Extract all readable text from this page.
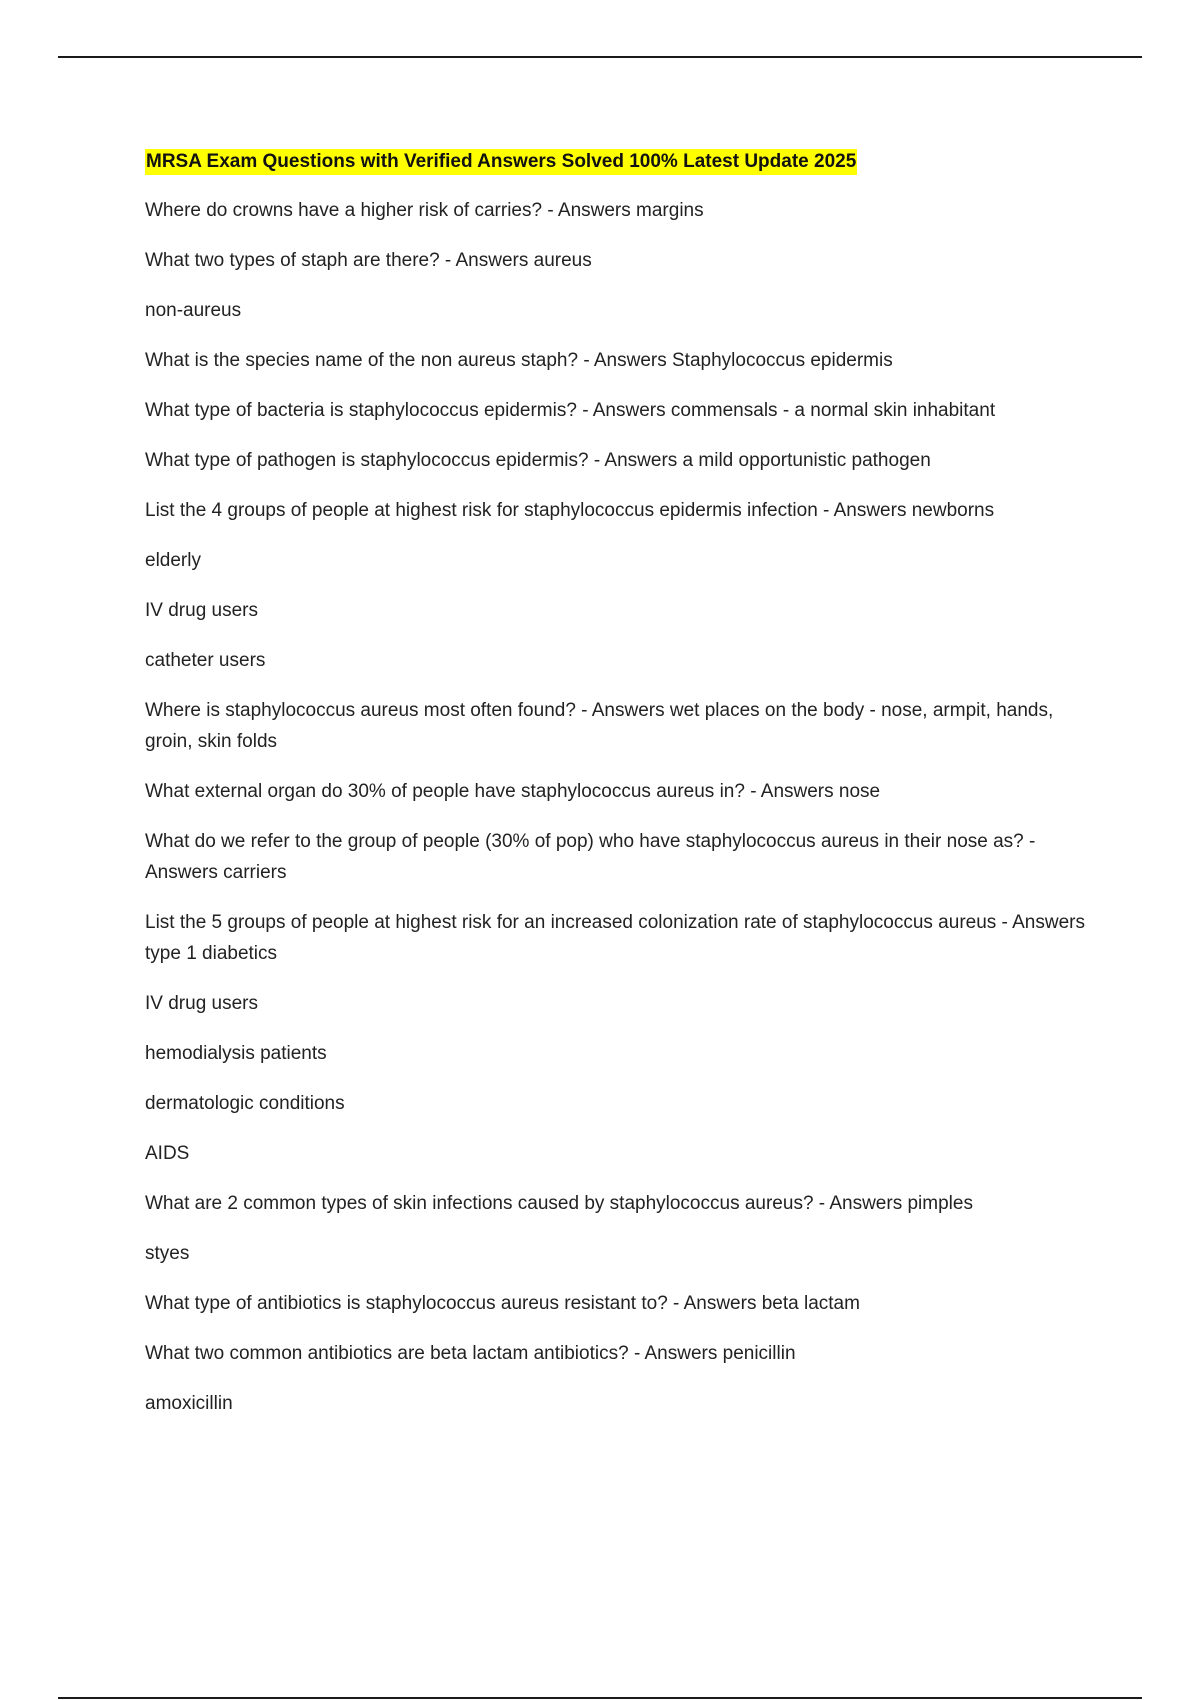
MRSA Exam Questions with Verified Answers Solved 100% Latest Update 2025

Where do crowns have a higher risk of carries? - Answers margins

What two types of staph are there? - Answers aureus

non-aureus

What is the species name of the non aureus staph? - Answers Staphylococcus epidermis

What type of bacteria is staphylococcus epidermis? - Answers commensals - a normal skin inhabitant

What type of pathogen is staphylococcus epidermis? - Answers a mild opportunistic pathogen

List the 4 groups of people at highest risk for staphylococcus epidermis infection - Answers newborns

elderly

IV drug users

catheter users

Where is staphylococcus aureus most often found? - Answers wet places on the body - nose, armpit, hands, groin, skin folds

What external organ do 30% of people have staphylococcus aureus in? - Answers nose

What do we refer to the group of people (30% of pop) who have staphylococcus aureus in their nose as? - Answers carriers

List the 5 groups of people at highest risk for an increased colonization rate of staphylococcus aureus - Answers type 1 diabetics

IV drug users

hemodialysis patients

dermatologic conditions

AIDS

What are 2 common types of skin infections caused by staphylococcus aureus? - Answers pimples

styes

What type of antibiotics is staphylococcus aureus resistant to? - Answers beta lactam

What two common antibiotics are beta lactam antibiotics? - Answers penicillin

amoxicillin
